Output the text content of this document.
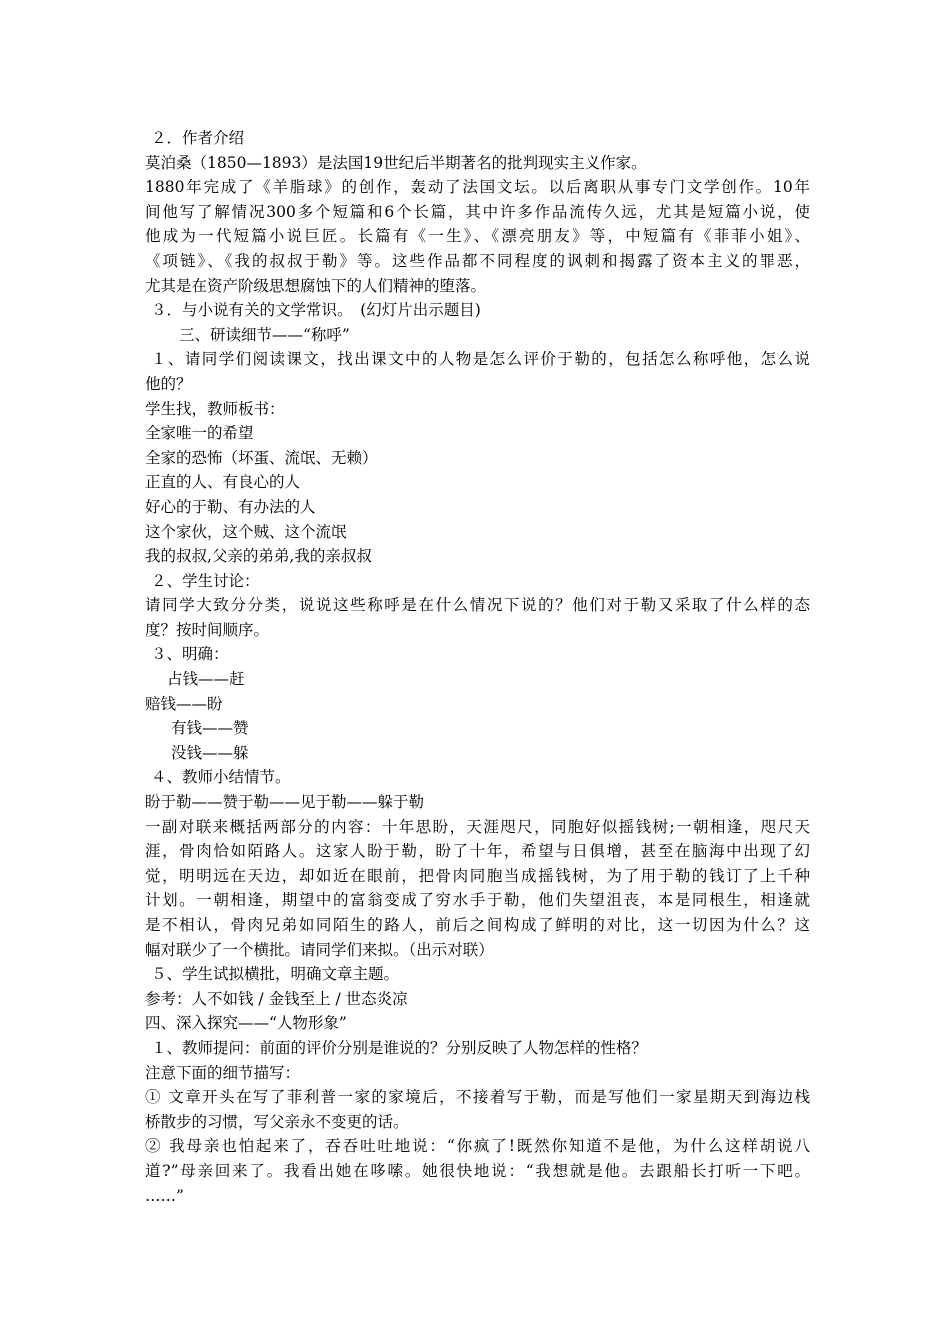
２．作者介绍
莫泊桑（1850—1893）是法国19世纪后半期著名的批判现实主义作家。
1880年完成了《羊脂球》的创作，轰动了法国文坛。以后离职从事专门文学创作。10年
间他写了解情况300多个短篇和6个长篇，其中许多作品流传久远，尤其是短篇小说，使
他成为一代短篇小说巨匠。长篇有《一生》、《漂亮朋友》等，中短篇有《菲菲小姐》、
《项链》、《我的叔叔于勒》等。这些作品都不同程度的讽刺和揭露了资本主义的罪恶，
尤其是在资产阶级思想腐蚀下的人们精神的堕落。
３．与小说有关的文学常识。　(幻灯片出示题目)
三、研读细节——“称呼”
１、请同学们阅读课文，找出课文中的人物是怎么评价于勒的，包括怎么称呼他，怎么说
他的？
学生找，教师板书：
全家唯一的希望
全家的恐怖（坏蛋、流氓、无赖）
正直的人、有良心的人
好心的于勒、有办法的人
这个家伙，这个贼、这个流氓
我的叔叔,父亲的弟弟,我的亲叔叔
２、学生讨论：
请同学大致分分类，说说这些称呼是在什么情况下说的？他们对于勒又采取了什么样的态
度？按时间顺序。
３、明确：
占钱——赶
赔钱——盼
有钱——赞
没钱——躲
４、教师小结情节。
盼于勒——赞于勒——见于勒——躲于勒
一副对联来概括两部分的内容：十年思盼，天涯咫尺，同胞好似摇钱树;一朝相逢，咫尺天
涯，骨肉恰如陌路人。这家人盼于勒，盼了十年，希望与日俱增，甚至在脑海中出现了幻
觉，明明远在天边，却如近在眼前，把骨肉同胞当成摇钱树，为了用于勒的钱订了上千种
计划。一朝相逢，期望中的富翁变成了穷水手于勒，他们失望沮丧，本是同根生，相逢就
是不相认，骨肉兄弟如同陌生的路人，前后之间构成了鲜明的对比，这一切因为什么？这
幅对联少了一个横批。请同学们来拟。（出示对联）
５、学生试拟横批，明确文章主题。
参考：人不如钱 / 金钱至上 / 世态炎凉
四、深入探究——“人物形象”
１、教师提问：前面的评价分别是谁说的？分别反映了人物怎样的性格？
注意下面的细节描写：
① 文章开头在写了菲利普一家的家境后，不接着写于勒，而是写他们一家星期天到海边栈
桥散步的习惯，写父亲永不变更的话。
② 我母亲也怕起来了，吞吞吐吐地说：“你疯了!既然你知道不是他，为什么这样胡说八
道?”母亲回来了。我看出她在哆嗦。她很快地说：“我想就是他。去跟船长打听一下吧。
……”
